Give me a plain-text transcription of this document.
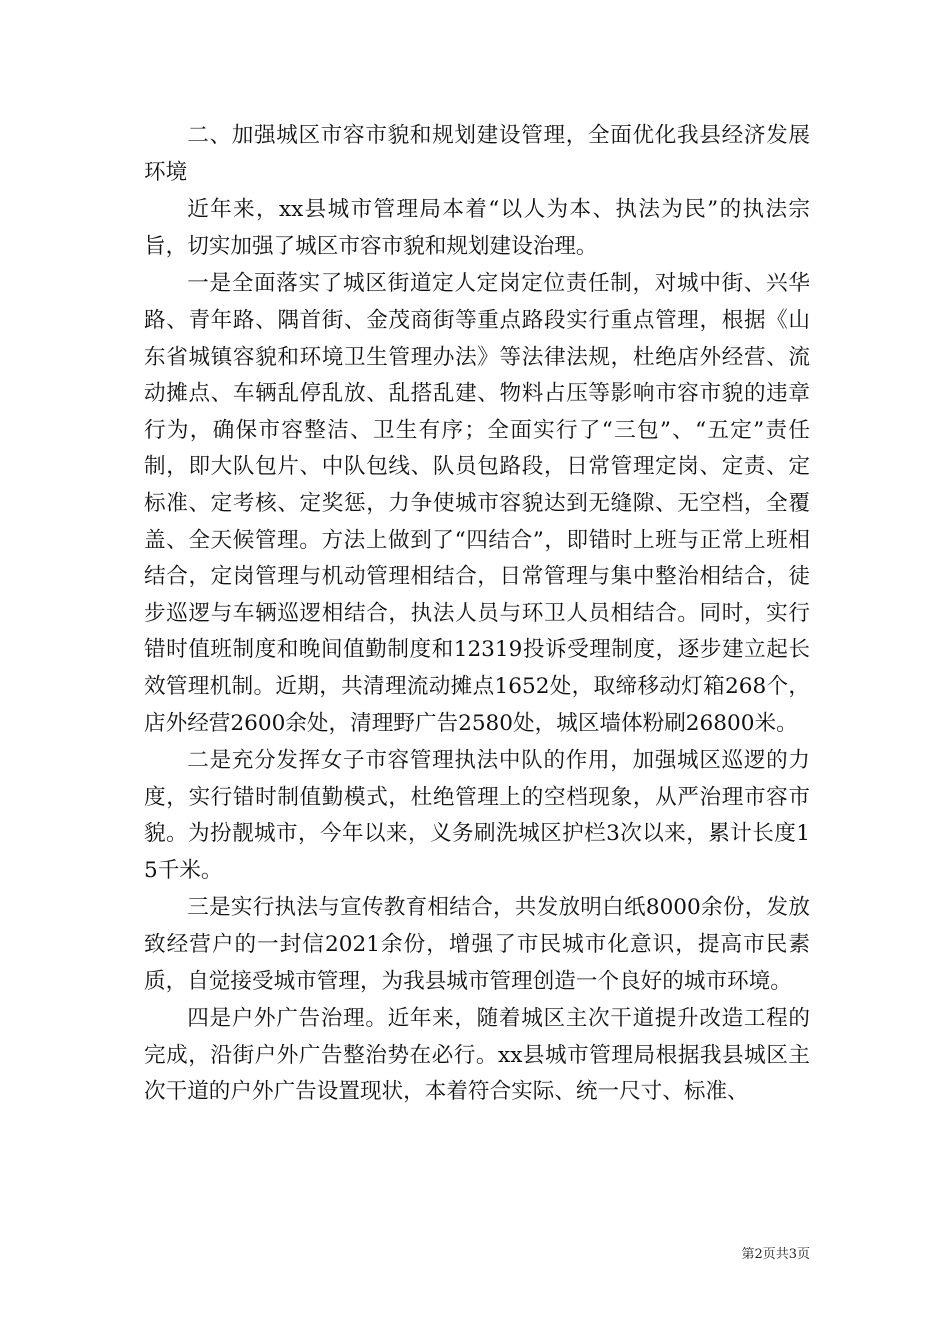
二、加强城区市容市貌和规划建设管理，全面优化我县经济发展环境

近年来，xx县城市管理局本着“以人为本、执法为民”的执法宗旨，切实加强了城区市容市貌和规划建设治理。

一是全面落实了城区街道定人定岗定位责任制，对城中街、兴华路、青年路、隅首街、金茂商街等重点路段实行重点管理，根据《山东省城镇容貌和环境卫生管理办法》等法律法规，杜绝店外经营、流动摊点、车辆乱停乱放、乱搭乱建、物料占压等影响市容市貌的违章行为，确保市容整洁、卫生有序；全面实行了“三包”、“五定”责任制，即大队包片、中队包线、队员包路段，日常管理定岗、定责、定标准、定考核、定奖惩，力争使城市容貌达到无缝隙、无空档，全覆盖、全天候管理。方法上做到了“四结合”，即错时上班与正常上班相结合，定岗管理与机动管理相结合，日常管理与集中整治相结合，徒步巡逻与车辆巡逻相结合，执法人员与环卫人员相结合。同时，实行错时值班制度和晚间值勤制度和12319投诉受理制度，逐步建立起长效管理机制。近期，共清理流动摊点1652处，取缔移动灯箱268个，店外经营2600余处，清理野广告2580处，城区墙体粉刷26800米。

二是充分发挥女子市容管理执法中队的作用，加强城区巡逻的力度，实行错时制值勤模式，杜绝管理上的空档现象，从严治理市容市貌。为扮靓城市，今年以来，义务刷洗城区护栏3次以来，累计长度15千米。

三是实行执法与宣传教育相结合，共发放明白纸8000余份，发放致经营户的一封信2021余份，增强了市民城市化意识，提高市民素质，自觉接受城市管理，为我县城市管理创造一个良好的城市环境。

四是户外广告治理。近年来，随着城区主次干道提升改造工程的完成，沿街户外广告整治势在必行。xx县城市管理局根据我县城区主次干道的户外广告设置现状，本着符合实际、统一尺寸、标准、

第2页共3页
